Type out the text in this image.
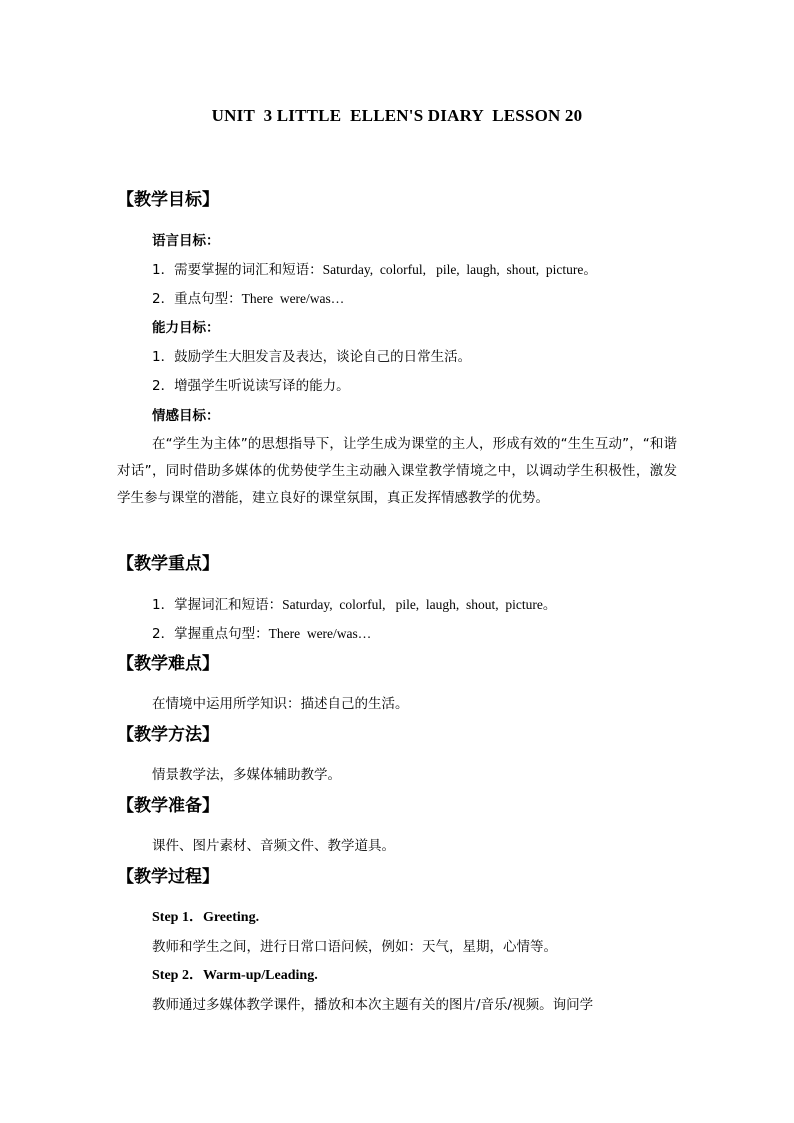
UNIT  3 LITTLE  ELLEN'S DIARY  LESSON 20
【教学目标】
语言目标：
1．需要掌握的词汇和短语：Saturday,  colorful,   pile,  laugh,  shout,  picture。
2．重点句型：There  were/was…
能力目标：
1．鼓励学生大胆发言及表达，谈论自己的日常生活。
2．增强学生听说读写译的能力。
情感目标：
在“学生为主体”的思想指导下，让学生成为课堂的主人，形成有效的“生生互动”，“和谐对话”，同时借助多媒体的优势使学生主动融入课堂教学情境之中，以调动学生积极性，激发学生参与课堂的潜能，建立良好的课堂氛围，真正发挥情感教学的优势。
【教学重点】
1．掌握词汇和短语：Saturday,  colorful,   pile,  laugh,  shout,  picture。
2．掌握重点句型：There  were/was…
【教学难点】
在情境中运用所学知识：描述自己的生活。
【教学方法】
情景教学法，多媒体辅助教学。
【教学准备】
课件、图片素材、音频文件、教学道具。
【教学过程】
Step 1．Greeting.
教师和学生之间，进行日常口语问候，例如：天气，星期，心情等。
Step 2．Warm-up/Leading.
教师通过多媒体教学课件，播放和本次主题有关的图片/音乐/视频。询问学
